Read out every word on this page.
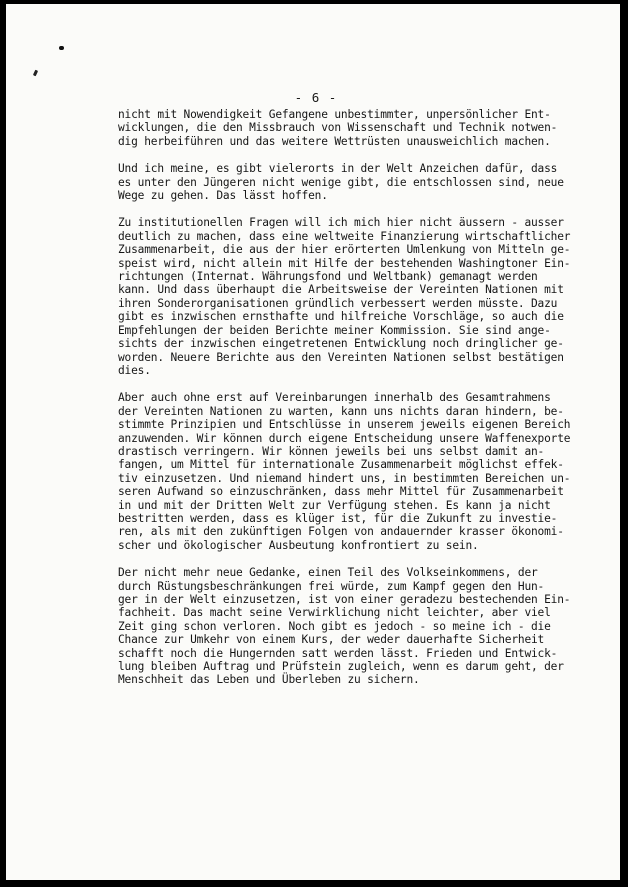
- 6 -

nicht mit Nowendigkeit Gefangene unbestimmter, unpersönlicher Ent-
wicklungen, die den Missbrauch von Wissenschaft und Technik notwen-
dig herbeiführen und das weitere Wettrüsten unausweichlich machen.

Und ich meine, es gibt vielerorts in der Welt Anzeichen dafür, dass
es unter den Jüngeren nicht wenige gibt, die entschlossen sind, neue
Wege zu gehen. Das lässt hoffen.

Zu institutionellen Fragen will ich mich hier nicht äussern - ausser
deutlich zu machen, dass eine weltweite Finanzierung wirtschaftlicher
Zusammenarbeit, die aus der hier erörterten Umlenkung von Mitteln ge-
speist wird, nicht allein mit Hilfe der bestehenden Washingtoner Ein-
richtungen (Internat. Währungsfond und Weltbank) gemanagt werden
kann. Und dass überhaupt die Arbeitsweise der Vereinten Nationen mit
ihren Sonderorganisationen gründlich verbessert werden müsste. Dazu
gibt es inzwischen ernsthafte und hilfreiche Vorschläge, so auch die
Empfehlungen der beiden Berichte meiner Kommission. Sie sind ange-
sichts der inzwischen eingetretenen Entwicklung noch dringlicher ge-
worden. Neuere Berichte aus den Vereinten Nationen selbst bestätigen
dies.

Aber auch ohne erst auf Vereinbarungen innerhalb des Gesamtrahmens
der Vereinten Nationen zu warten, kann uns nichts daran hindern, be-
stimmte Prinzipien und Entschlüsse in unserem jeweils eigenen Bereich
anzuwenden. Wir können durch eigene Entscheidung unsere Waffenexporte
drastisch verringern. Wir können jeweils bei uns selbst damit an-
fangen, um Mittel für internationale Zusammenarbeit möglichst effek-
tiv einzusetzen. Und niemand hindert uns, in bestimmten Bereichen un-
seren Aufwand so einzuschränken, dass mehr Mittel für Zusammenarbeit
in und mit der Dritten Welt zur Verfügung stehen. Es kann ja nicht
bestritten werden, dass es klüger ist, für die Zukunft zu investie-
ren, als mit den zukünftigen Folgen von andauernder krasser ökonomi-
scher und ökologischer Ausbeutung konfrontiert zu sein.

Der nicht mehr neue Gedanke, einen Teil des Volkseinkommens, der
durch Rüstungsbeschränkungen frei würde, zum Kampf gegen den Hun-
ger in der Welt einzusetzen, ist von einer geradezu bestechenden Ein-
fachheit. Das macht seine Verwirklichung nicht leichter, aber viel
Zeit ging schon verloren. Noch gibt es jedoch - so meine ich - die
Chance zur Umkehr von einem Kurs, der weder dauerhafte Sicherheit
schafft noch die Hungernden satt werden lässt. Frieden und Entwick-
lung bleiben Auftrag und Prüfstein zugleich, wenn es darum geht, der
Menschheit das Leben und Überleben zu sichern.
